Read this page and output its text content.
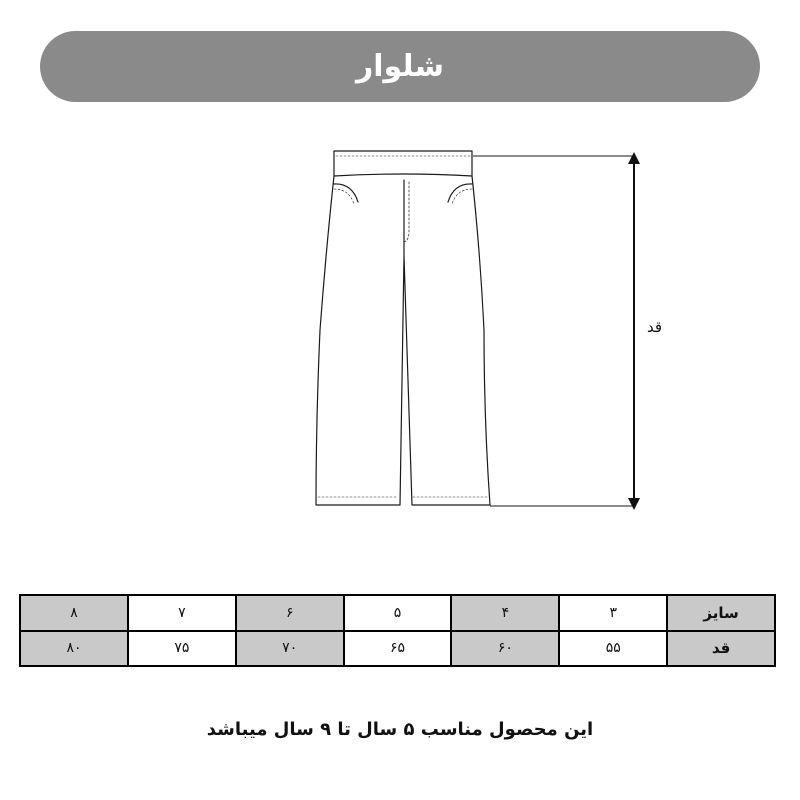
شلوار
قد
سایز	۳	۴	۵	۶	۷	۸
قد	۵۵	۶۰	۶۵	۷۰	۷۵	۸۰
این محصول مناسب ۵ سال تا ۹ سال میباشد
